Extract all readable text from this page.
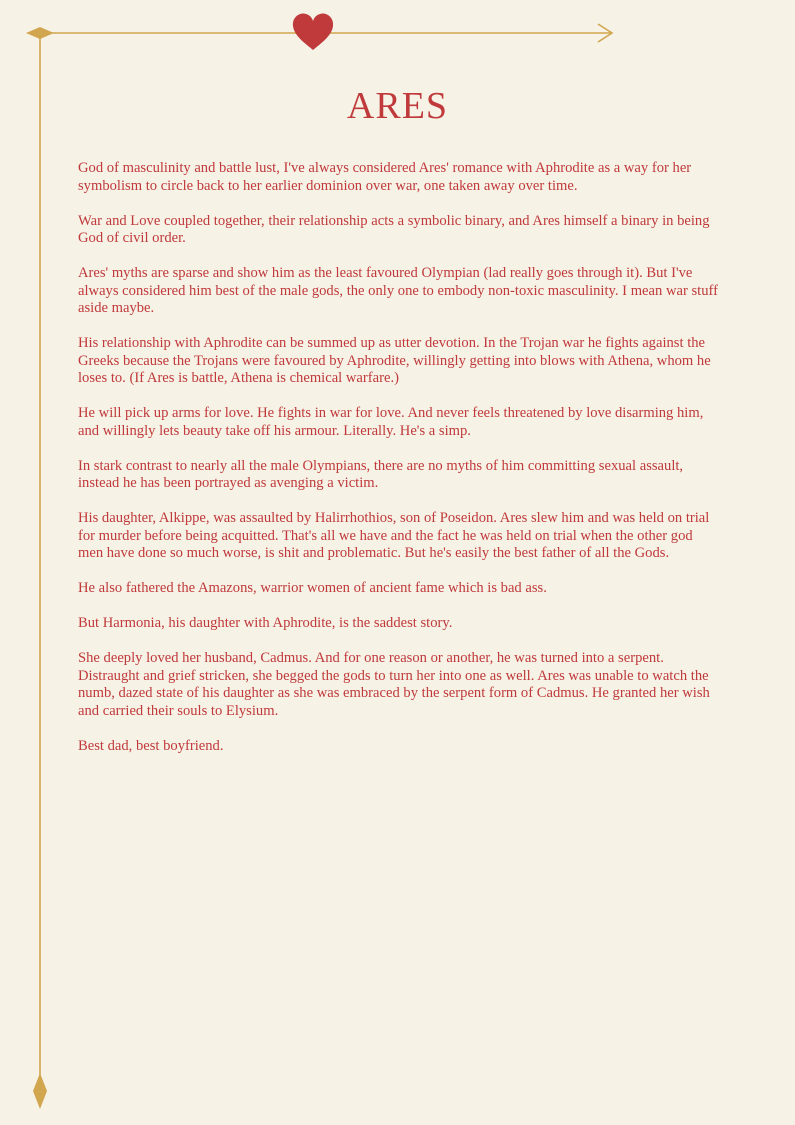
ARES

God of masculinity and battle lust, I've always considered Ares' romance with Aphrodite as a way for her symbolism to circle back to her earlier dominion over war, one taken away over time.

War and Love coupled together, their relationship acts a symbolic binary, and Ares himself a binary in being God of civil order.

Ares' myths are sparse and show him as the least favoured Olympian (lad really goes through it). But I've always considered him best of the male gods, the only one to embody non-toxic masculinity. I mean war stuff aside maybe.

His relationship with Aphrodite can be summed up as utter devotion. In the Trojan war he fights against the Greeks because the Trojans were favoured by Aphrodite, willingly getting into blows with Athena, whom he loses to. (If Ares is battle, Athena is chemical warfare.)

He will pick up arms for love. He fights in war for love. And never feels threatened by love disarming him, and willingly lets beauty take off his armour. Literally. He's a simp.

In stark contrast to nearly all the male Olympians, there are no myths of him committing sexual assault, instead he has been portrayed as avenging a victim.

His daughter, Alkippe, was assaulted by Halirrhothios, son of Poseidon. Ares slew him and was held on trial for murder before being acquitted. That's all we have and the fact he was held on trial when the other god men have done so much worse, is shit and problematic. But he's easily the best father of all the Gods.

He also fathered the Amazons, warrior women of ancient fame which is bad ass.

But Harmonia, his daughter with Aphrodite, is the saddest story.

She deeply loved her husband, Cadmus. And for one reason or another, he was turned into a serpent. Distraught and grief stricken, she begged the gods to turn her into one as well. Ares was unable to watch the numb, dazed state of his daughter as she was embraced by the serpent form of Cadmus. He granted her wish and carried their souls to Elysium.

Best dad, best boyfriend.
